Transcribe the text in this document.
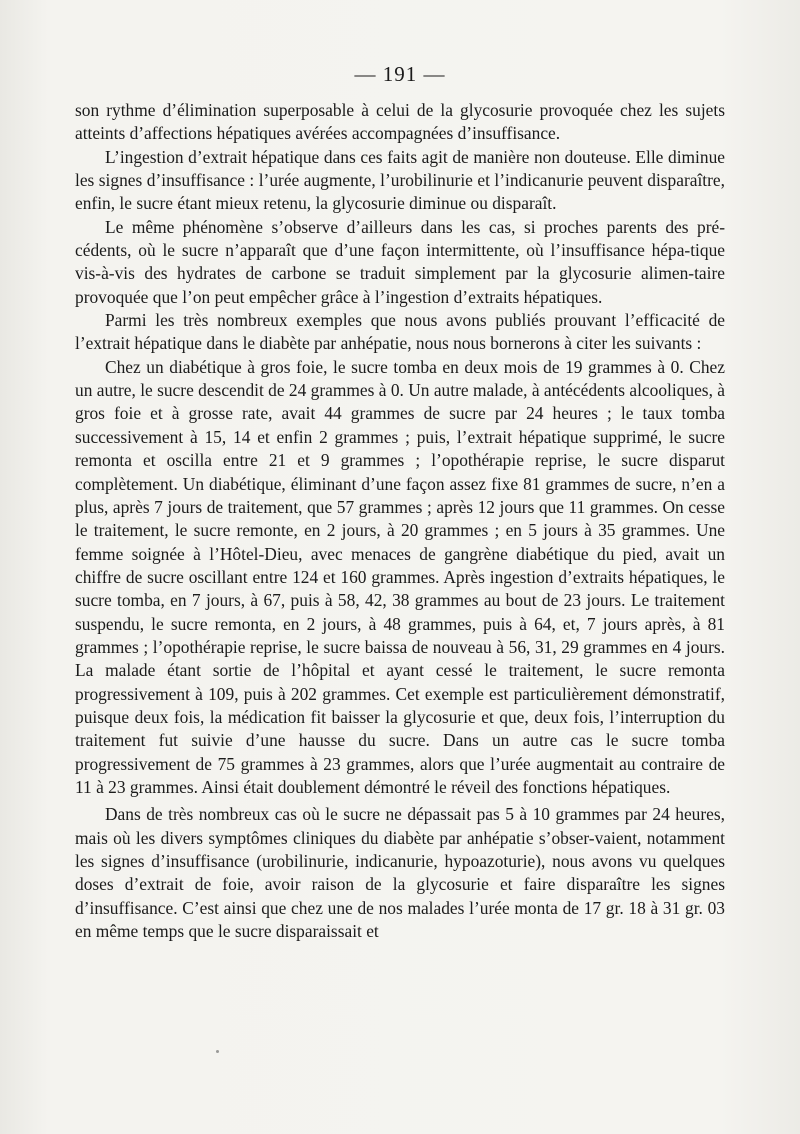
— 191 —

son rythme d’élimination superposable à celui de la glycosurie provoquée chez les sujets atteints d’affections hépatiques avérées accompagnées d’insuffisance.

L’ingestion d’extrait hépatique dans ces faits agit de manière non douteuse. Elle diminue les signes d’insuffisance : l’urée augmente, l’urobilinurie et l’indicanurie peuvent disparaître, enfin, le sucre étant mieux retenu, la glycosurie diminue ou disparaît.

Le même phénomène s’observe d’ailleurs dans les cas, si proches parents des pré-cédents, où le sucre n’apparaît que d’une façon intermittente, où l’insuffisance hépa-tique vis-à-vis des hydrates de carbone se traduit simplement par la glycosurie alimen-taire provoquée que l’on peut empêcher grâce à l’ingestion d’extraits hépatiques.

Parmi les très nombreux exemples que nous avons publiés prouvant l’efficacité de l’extrait hépatique dans le diabète par anhépatie, nous nous bornerons à citer les suivants :

Chez un diabétique à gros foie, le sucre tomba en deux mois de 19 grammes à 0. Chez un autre, le sucre descendit de 24 grammes à 0. Un autre malade, à antécédents alcooliques, à gros foie et à grosse rate, avait 44 grammes de sucre par 24 heures ; le taux tomba successivement à 15, 14 et enfin 2 grammes ; puis, l’extrait hépatique supprimé, le sucre remonta et oscilla entre 21 et 9 grammes ; l’opothérapie reprise, le sucre disparut complètement. Un diabétique, éliminant d’une façon assez fixe 81 grammes de sucre, n’en a plus, après 7 jours de traitement, que 57 grammes ; après 12 jours que 11 grammes. On cesse le traitement, le sucre remonte, en 2 jours, à 20 grammes ; en 5 jours à 35 grammes. Une femme soignée à l’Hôtel-Dieu, avec menaces de gangrène diabétique du pied, avait un chiffre de sucre oscillant entre 124 et 160 grammes. Après ingestion d’extraits hépatiques, le sucre tomba, en 7 jours, à 67, puis à 58, 42, 38 grammes au bout de 23 jours. Le traitement suspendu, le sucre remonta, en 2 jours, à 48 grammes, puis à 64, et, 7 jours après, à 81 grammes ; l’opothérapie reprise, le sucre baissa de nouveau à 56, 31, 29 grammes en 4 jours. La malade étant sortie de l’hôpital et ayant cessé le traitement, le sucre remonta progressivement à 109, puis à 202 grammes. Cet exemple est particulièrement démonstratif, puisque deux fois, la médication fit baisser la glycosurie et que, deux fois, l’interruption du traitement fut suivie d’une hausse du sucre. Dans un autre cas le sucre tomba progressivement de 75 grammes à 23 grammes, alors que l’urée augmentait au contraire de 11 à 23 grammes. Ainsi était doublement démontré le réveil des fonctions hépatiques.

Dans de très nombreux cas où le sucre ne dépassait pas 5 à 10 grammes par 24 heures, mais où les divers symptômes cliniques du diabète par anhépatie s’obser-vaient, notamment les signes d’insuffisance (urobilinurie, indicanurie, hypoazoturie), nous avons vu quelques doses d’extrait de foie, avoir raison de la glycosurie et faire disparaître les signes d’insuffisance. C’est ainsi que chez une de nos malades l’urée monta de 17 gr. 18 à 31 gr. 03 en même temps que le sucre disparaissait et
